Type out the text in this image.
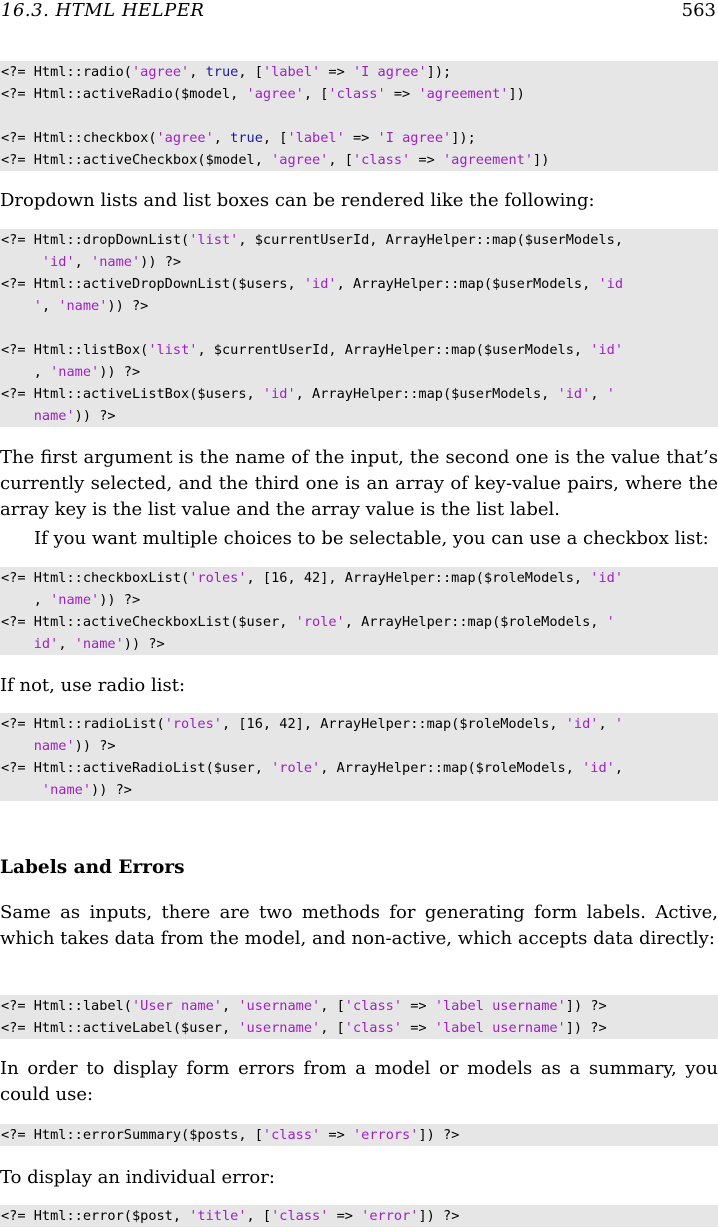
16.3. HTML HELPER	563
<?= Html::radio('agree', true, ['label' => 'I agree']);
<?= Html::activeRadio($model, 'agree', ['class' => 'agreement'])
<?= Html::checkbox('agree', true, ['label' => 'I agree']);
<?= Html::activeCheckbox($model, 'agree', ['class' => 'agreement'])
Dropdown lists and list boxes can be rendered like the following:
<?= Html::dropDownList('list', $currentUserId, ArrayHelper::map($userModels,
'id', 'name')) ?>
<?= Html::activeDropDownList($users, 'id', ArrayHelper::map($userModels, 'id
', 'name')) ?>
<?= Html::listBox('list', $currentUserId, ArrayHelper::map($userModels, 'id'
, 'name')) ?>
<?= Html::activeListBox($users, 'id', ArrayHelper::map($userModels, 'id', '
name')) ?>
The first argument is the name of the input, the second one is the value that’s currently selected, and the third one is an array of key-value pairs, where the array key is the list value and the array value is the list label.
If you want multiple choices to be selectable, you can use a checkbox list:
<?= Html::checkboxList('roles', [16, 42], ArrayHelper::map($roleModels, 'id'
, 'name')) ?>
<?= Html::activeCheckboxList($user, 'role', ArrayHelper::map($roleModels, '
id', 'name')) ?>
If not, use radio list:
<?= Html::radioList('roles', [16, 42], ArrayHelper::map($roleModels, 'id', '
name')) ?>
<?= Html::activeRadioList($user, 'role', ArrayHelper::map($roleModels, 'id',
'name')) ?>
Labels and Errors
Same as inputs, there are two methods for generating form labels. Active, which takes data from the model, and non-active, which accepts data directly:
<?= Html::label('User name', 'username', ['class' => 'label username']) ?>
<?= Html::activeLabel($user, 'username', ['class' => 'label username']) ?>
In order to display form errors from a model or models as a summary, you could use:
<?= Html::errorSummary($posts, ['class' => 'errors']) ?>
To display an individual error:
<?= Html::error($post, 'title', ['class' => 'error']) ?>
